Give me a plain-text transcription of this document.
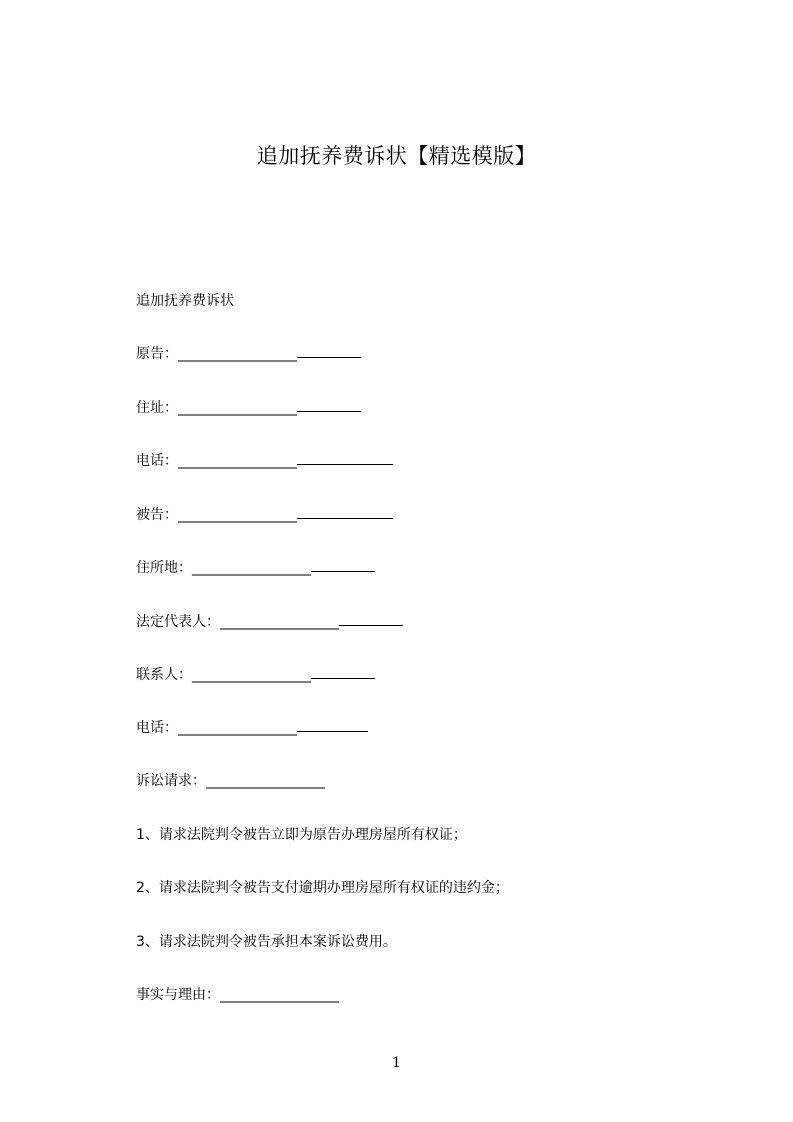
追加抚养费诉状【精选模版】
追加抚养费诉状
原告：_________________
住址：_________________
电话：_________________
被告：_________________
住所地：_________________
法定代表人：_________________
联系人：_________________
电话：_________________
诉讼请求：_________________
1、请求法院判令被告立即为原告办理房屋所有权证；
2、请求法院判令被告支付逾期办理房屋所有权证的违约金；
3、请求法院判令被告承担本案诉讼费用。
事实与理由：_________________
1
